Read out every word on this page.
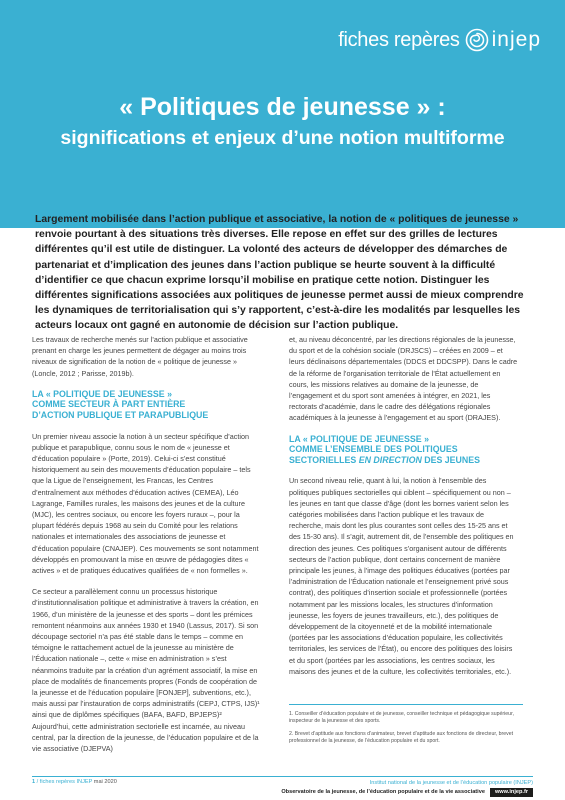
fiches repères injep
« Politiques de jeunesse » :
significations et enjeux d’une notion multiforme

Largement mobilisée dans l’action publique et associative, la notion de « politiques de jeunesse » renvoie pourtant à des situations très diverses. Elle repose en effet sur des grilles de lectures différentes qu’il est utile de distinguer. La volonté des acteurs de développer des démarches de partenariat et d’implication des jeunes dans l’action publique se heurte souvent à la difficulté d’identifier ce que chacun exprime lorsqu’il mobilise en pratique cette notion. Distinguer les différentes significations associées aux politiques de jeunesse permet aussi de mieux comprendre les dynamiques de territorialisation qui s’y rapportent, c’est-à-dire les modalités par lesquelles les acteurs locaux ont gagné en autonomie de décision sur l’action publique.

Les travaux de recherche menés sur l’action publique et associative prenant en charge les jeunes permettent de dégager au moins trois niveaux de signification de la notion de « politique de jeunesse » (Loncle, 2012 ; Parisse, 2019b).

LA « POLITIQUE DE JEUNESSE »
COMME SECTEUR À PART ENTIÈRE
D’ACTION PUBLIQUE ET PARAPUBLIQUE

Un premier niveau associe la notion à un secteur spécifique d’action publique et parapublique, connu sous le nom de « jeunesse et d’éducation populaire » (Porte, 2019). Celui-ci s’est constitué historiquement au sein des mouvements d’éducation populaire – tels que la Ligue de l’enseignement, les Francas, les Centres d’entraînement aux méthodes d’éducation actives (CEMEA), Léo Lagrange, Familles rurales, les maisons des jeunes et de la culture (MJC), les centres sociaux, ou encore les foyers ruraux –, pour la plupart fédérés depuis 1968 au sein du Comité pour les relations nationales et internationales des associations de jeunesse et d’éducation populaire (CNAJEP). Ces mouvements se sont notamment développés en promouvant la mise en œuvre de pédagogies dites « actives » et de pratiques éducatives qualifiées de « non formelles ».

Ce secteur a parallèlement connu un processus historique d’institutionnalisation politique et administrative à travers la création, en 1966, d’un ministère de la jeunesse et des sports – dont les prémices remontent néanmoins aux années 1930 et 1940 (Lassus, 2017). Si son découpage sectoriel n’a pas été stable dans le temps – comme en témoigne le rattachement actuel de la jeunesse au ministère de l’Éducation nationale –, cette « mise en administration » s’est néanmoins traduite par la création d’un agrément associatif, la mise en place de modalités de financements propres (Fonds de coopération de la jeunesse et de l’éducation populaire [FONJEP], subventions, etc.), mais aussi par l’instauration de corps administratifs (CEPJ, CTPS, IJS)¹ ainsi que de diplômes spécifiques (BAFA, BAFD, BPJEPS)² Aujourd’hui, cette administration sectorielle est incarnée, au niveau central, par la direction de la jeunesse, de l’éducation populaire et de la vie associative (DJEPVA)

et, au niveau déconcentré, par les directions régionales de la jeunesse, du sport et de la cohésion sociale (DRJSCS) – créées en 2009 – et leurs déclinaisons départementales (DDCS et DDCSPP). Dans le cadre de la réforme de l’organisation territoriale de l’État actuellement en cours, les missions relatives au domaine de la jeunesse, de l’engagement et du sport sont amenées à intégrer, en 2021, les rectorats d’académie, dans le cadre des délégations régionales académiques à la jeunesse à l’engagement et au sport (DRAJES).

LA « POLITIQUE DE JEUNESSE »
COMME L’ENSEMBLE DES POLITIQUES
SECTORIELLES EN DIRECTION DES JEUNES

Un second niveau relie, quant à lui, la notion à l’ensemble des politiques publiques sectorielles qui ciblent – spécifiquement ou non – les jeunes en tant que classe d’âge (dont les bornes varient selon les catégories mobilisées dans l’action publique et les travaux de recherche, mais dont les plus courantes sont celles des 15-25 ans et des 15-30 ans). Il s’agit, autrement dit, de l’ensemble des politiques en direction des jeunes. Ces politiques s’organisent autour de différents secteurs de l’action publique, dont certains concernent de manière principale les jeunes, à l’image des politiques éducatives (portées par l’administration de l’Éducation nationale et l’enseignement privé sous contrat), des politiques d’insertion sociale et professionnelle (portées notamment par les missions locales, les structures d’information jeunesse, les foyers de jeunes travailleurs, etc.), des politiques de développement de la citoyenneté et de la mobilité internationale (portées par les associations d’éducation populaire, les collectivités territoriales, les services de l’État), ou encore des politiques des loisirs et du sport (portées par les associations, les centres sociaux, les maisons des jeunes et de la culture, les collectivités territoriales, etc.).

1. Conseiller d’éducation populaire et de jeunesse, conseiller technique et pédagogique supérieur, inspecteur de la jeunesse et des sports.

2. Brevet d’aptitude aux fonctions d’animateur, brevet d’aptitude aux fonctions de directeur, brevet professionnel de la jeunesse, de l’éducation populaire et du sport.

1 / fiches repères INJEP mai 2020	Institut national de la jeunesse et de l’éducation populaire (INJEP)
Observatoire de la jeunesse, de l’éducation populaire et de la vie associative www.injep.fr
